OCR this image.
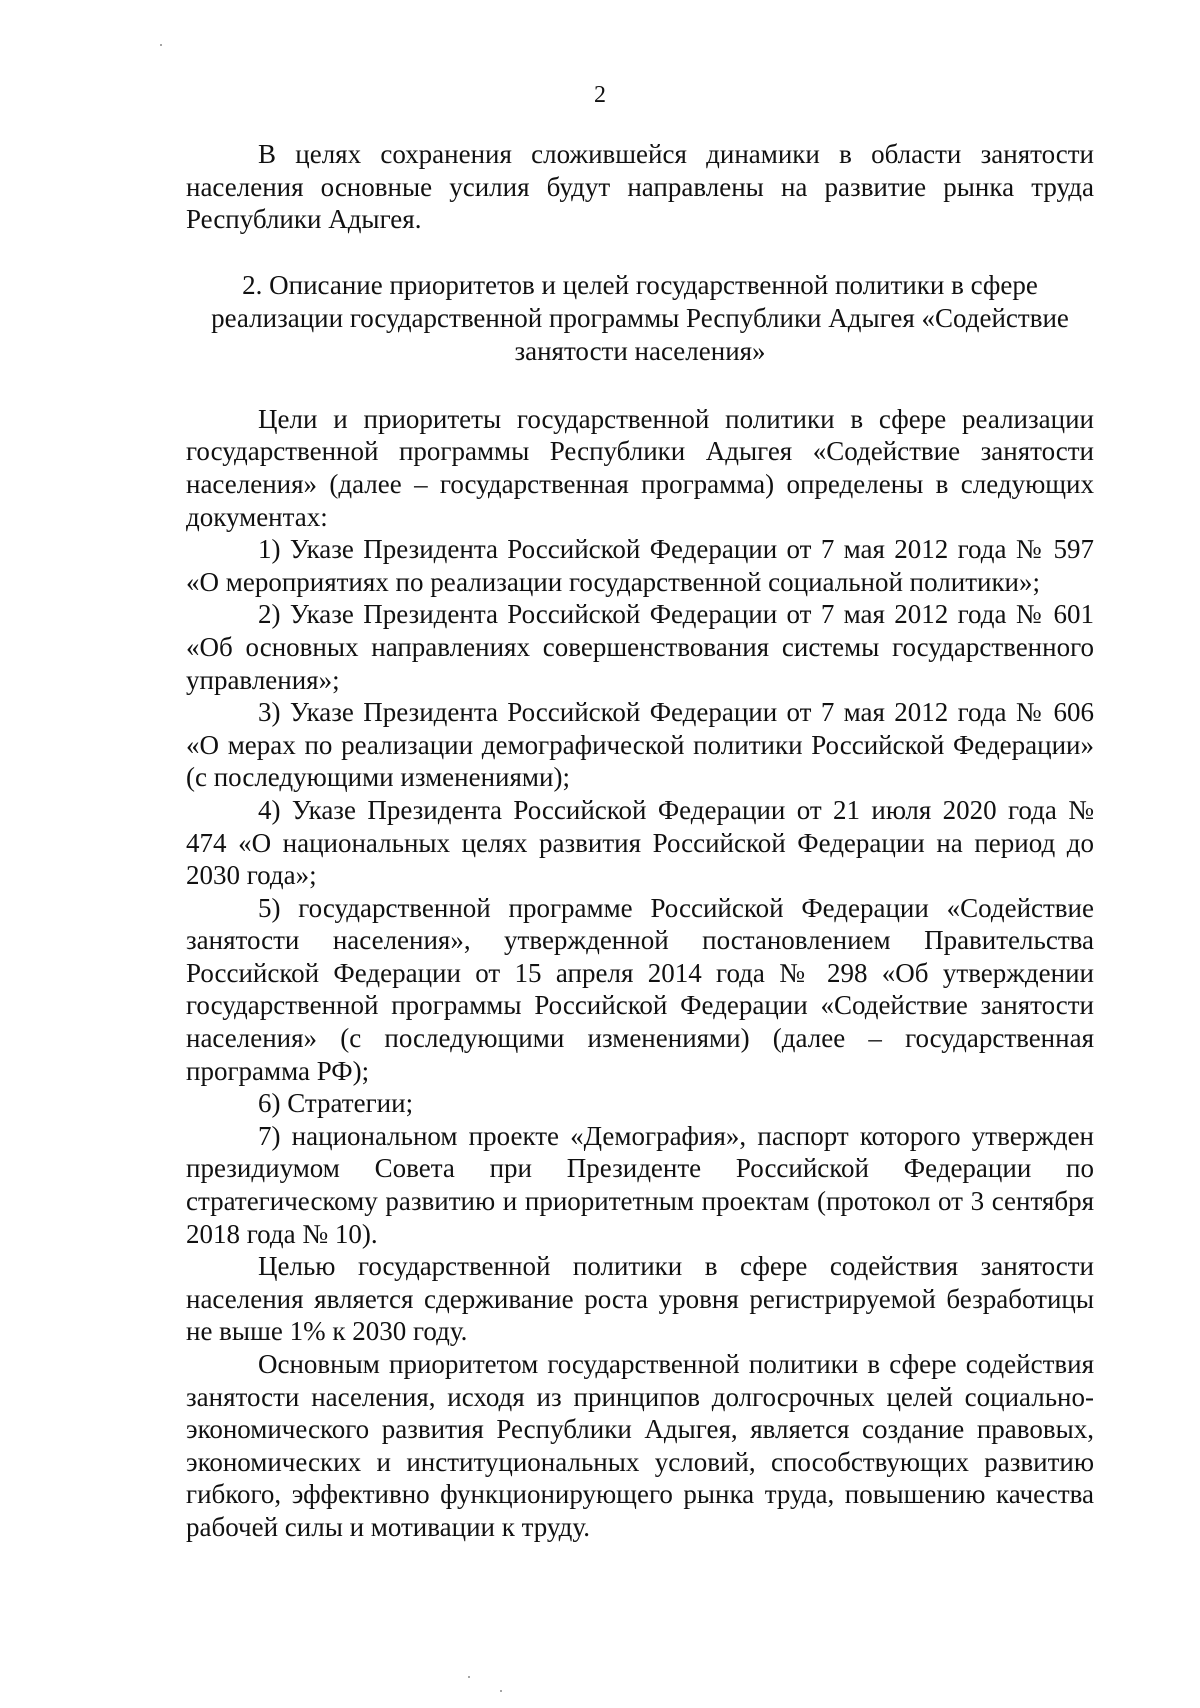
2

В целях сохранения сложившейся динамики в области занятости населения основные усилия будут направлены на развитие рынка труда Республики Адыгея.

2. Описание приоритетов и целей государственной политики в сфере
реализации государственной программы Республики Адыгея «Содействие
занятости населения»

Цели и приоритеты государственной политики в сфере реализации государственной программы Республики Адыгея «Содействие занятости населения» (далее – государственная программа) определены в следующих документах:

1) Указе Президента Российской Федерации от 7 мая 2012 года № 597 «О мероприятиях по реализации государственной социальной политики»;

2) Указе Президента Российской Федерации от 7 мая 2012 года № 601 «Об основных направлениях совершенствования системы государственного управления»;

3) Указе Президента Российской Федерации от 7 мая 2012 года № 606 «О мерах по реализации демографической политики Российской Федерации» (с последующими изменениями);

4) Указе Президента Российской Федерации от 21 июля 2020 года № 474 «О национальных целях развития Российской Федерации на период до 2030 года»;

5) государственной программе Российской Федерации «Содействие занятости населения», утвержденной постановлением Правительства Российской Федерации от 15 апреля 2014 года № 298 «Об утверждении государственной программы Российской Федерации «Содействие занятости населения» (с последующими изменениями) (далее – государственная программа РФ);

6) Стратегии;

7) национальном проекте «Демография», паспорт которого утвержден президиумом Совета при Президенте Российской Федерации по стратегическому развитию и приоритетным проектам (протокол от 3 сентября 2018 года № 10).

Целью государственной политики в сфере содействия занятости населения является сдерживание роста уровня регистрируемой безработицы не выше 1% к 2030 году.

Основным приоритетом государственной политики в сфере содействия занятости населения, исходя из принципов долгосрочных целей социально-экономического развития Республики Адыгея, является создание правовых, экономических и институциональных условий, способствующих развитию гибкого, эффективно функционирующего рынка труда, повышению качества рабочей силы и мотивации к труду.
